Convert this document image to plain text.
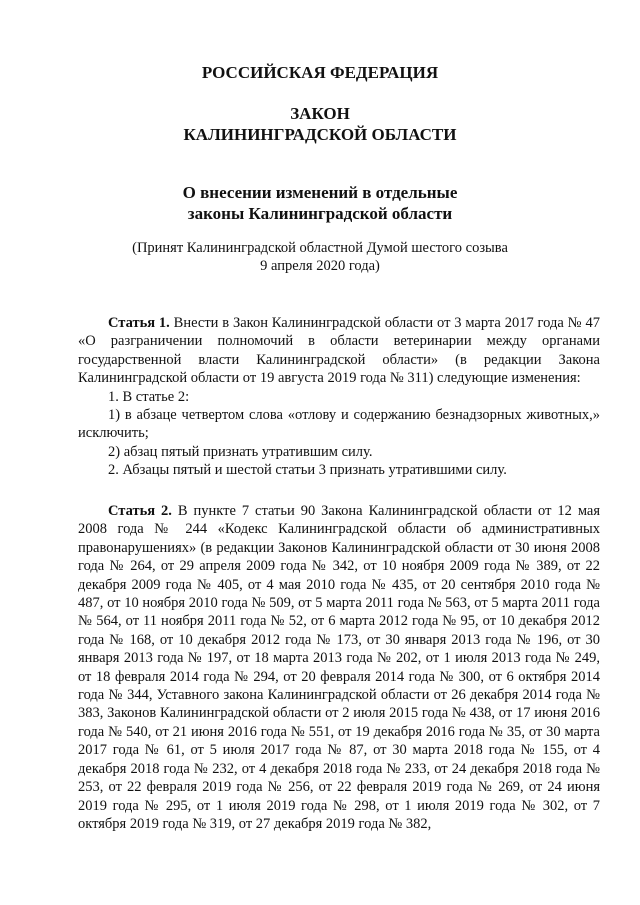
РОССИЙСКАЯ ФЕДЕРАЦИЯ

ЗАКОН

КАЛИНИНГРАДСКОЙ ОБЛАСТИ

О внесении изменений в отдельные

законы Калининградской области

(Принят Калининградской областной Думой шестого созыва

9 апреля 2020 года)

Статья 1. Внести в Закон Калининградской области от 3 марта 2017 года № 47 «О разграничении полномочий в области ветеринарии между органами государственной власти Калининградской области» (в редакции Закона Калининградской области от 19 августа 2019 года № 311) следующие изменения:

1. В статье 2:

1) в абзаце четвертом слова «отлову и содержанию безнадзорных животных,» исключить;

2) абзац пятый признать утратившим силу.

2. Абзацы пятый и шестой статьи 3 признать утратившими силу.

Статья 2. В пункте 7 статьи 90 Закона Калининградской области от 12 мая 2008 года № 244 «Кодекс Калининградской области об административных правонарушениях» (в редакции Законов Калининградской области от 30 июня 2008 года № 264, от 29 апреля 2009 года № 342, от 10 ноября 2009 года № 389, от 22 декабря 2009 года № 405, от 4 мая 2010 года № 435, от 20 сентября 2010 года № 487, от 10 ноября 2010 года № 509, от 5 марта 2011 года № 563, от 5 марта 2011 года № 564, от 11 ноября 2011 года № 52, от 6 марта 2012 года № 95, от 10 декабря 2012 года № 168, от 10 декабря 2012 года № 173, от 30 января 2013 года № 196, от 30 января 2013 года № 197, от 18 марта 2013 года № 202, от 1 июля 2013 года № 249, от 18 февраля 2014 года № 294, от 20 февраля 2014 года № 300, от 6 октября 2014 года № 344, Уставного закона Калининградской области от 26 декабря 2014 года № 383, Законов Калининградской области от 2 июля 2015 года № 438, от 17 июня 2016 года № 540, от 21 июня 2016 года № 551, от 19 декабря 2016 года № 35, от 30 марта 2017 года № 61, от 5 июля 2017 года № 87, от 30 марта 2018 года № 155, от 4 декабря 2018 года № 232, от 4 декабря 2018 года № 233, от 24 декабря 2018 года № 253, от 22 февраля 2019 года № 256, от 22 февраля 2019 года № 269, от 24 июня 2019 года № 295, от 1 июля 2019 года № 298, от 1 июля 2019 года № 302, от 7 октября 2019 года № 319, от 27 декабря 2019 года № 382,
